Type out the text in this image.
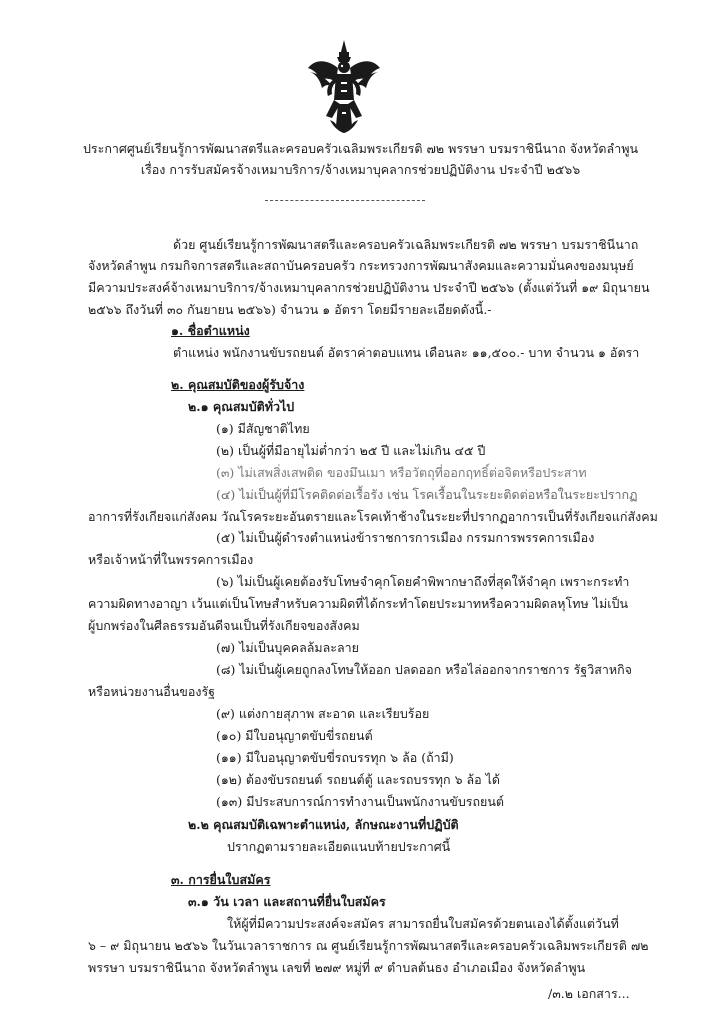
ประกาศศูนย์เรียนรู้การพัฒนาสตรีและครอบครัวเฉลิมพระเกียรติ ๗๒ พรรษา บรมราชินีนาถ จังหวัดลำพูน
เรื่อง การรับสมัครจ้างเหมาบริการ/จ้างเหมาบุคลากรช่วยปฏิบัติงาน ประจำปี ๒๕๖๖
ด้วย ศูนย์เรียนรู้การพัฒนาสตรีและครอบครัวเฉลิมพระเกียรติ ๗๒ พรรษา บรมราชินีนาถ
จังหวัดลำพูน กรมกิจการสตรีและสถาบันครอบครัว กระทรวงการพัฒนาสังคมและความมั่นคงของมนุษย์
มีความประสงค์จ้างเหมาบริการ/จ้างเหมาบุคลากรช่วยปฏิบัติงาน ประจำปี ๒๕๖๖ (ตั้งแต่วันที่ ๑๙ มิถุนายน
๒๕๖๖ ถึงวันที่ ๓๐ กันยายน ๒๕๖๖) จำนวน ๑ อัตรา โดยมีรายละเอียดดังนี้.-
๑. ชื่อตำแหน่ง
ตำแหน่ง พนักงานขับรถยนต์ อัตราค่าตอบแทน เดือนละ ๑๑,๕๐๐.- บาท จำนวน ๑ อัตรา
๒. คุณสมบัติของผู้รับจ้าง
๒.๑ คุณสมบัติทั่วไป
(๑) มีสัญชาติไทย
(๒) เป็นผู้ที่มีอายุไม่ต่ำกว่า ๒๕ ปี และไม่เกิน ๔๕ ปี
(๓) ไม่เสพสิ่งเสพติด ของมึนเมา หรือวัตถุที่ออกฤทธิ์ต่อจิตหรือประสาท
(๔) ไม่เป็นผู้ที่มีโรคติดต่อเรื้อรัง เช่น โรคเรื้อนในระยะติดต่อหรือในระยะปรากฏ
อาการที่รังเกียจแก่สังคม วัณโรคระยะอันตรายและโรคเท้าช้างในระยะที่ปรากฏอาการเป็นที่รังเกียจแก่สังคม
(๕) ไม่เป็นผู้ดำรงตำแหน่งข้าราชการการเมือง กรรมการพรรคการเมือง
หรือเจ้าหน้าที่ในพรรคการเมือง
(๖) ไม่เป็นผู้เคยต้องรับโทษจำคุกโดยคำพิพากษาถึงที่สุดให้จำคุก เพราะกระทำ
ความผิดทางอาญา เว้นแต่เป็นโทษสำหรับความผิดที่ได้กระทำโดยประมาทหรือความผิดลหุโทษ ไม่เป็น
ผู้บกพร่องในศีลธรรมอันดีจนเป็นที่รังเกียจของสังคม
(๗) ไม่เป็นบุคคลล้มละลาย
(๘) ไม่เป็นผู้เคยถูกลงโทษให้ออก ปลดออก หรือไล่ออกจากราชการ รัฐวิสาหกิจ
หรือหน่วยงานอื่นของรัฐ
(๙) แต่งกายสุภาพ สะอาด และเรียบร้อย
(๑๐) มีใบอนุญาตขับขี่รถยนต์
(๑๑) มีใบอนุญาตขับขี่รถบรรทุก ๖ ล้อ (ถ้ามี)
(๑๒) ต้องขับรถยนต์ รถยนต์ตู้ และรถบรรทุก ๖ ล้อ ได้
(๑๓) มีประสบการณ์การทำงานเป็นพนักงานขับรถยนต์
๒.๒ คุณสมบัติเฉพาะตำแหน่ง, ลักษณะงานที่ปฏิบัติ
ปรากฏตามรายละเอียดแนบท้ายประกาศนี้
๓. การยื่นใบสมัคร
๓.๑ วัน เวลา และสถานที่ยื่นใบสมัคร
ให้ผู้ที่มีความประสงค์จะสมัคร สามารถยื่นใบสมัครด้วยตนเองได้ตั้งแต่วันที่
๖ – ๙ มิถุนายน ๒๕๖๖ ในวันเวลาราชการ ณ ศูนย์เรียนรู้การพัฒนาสตรีและครอบครัวเฉลิมพระเกียรติ ๗๒
พรรษา บรมราชินีนาถ จังหวัดลำพูน เลขที่ ๒๗๙ หมู่ที่ ๙ ตำบลต้นธง อำเภอเมือง จังหวัดลำพูน
/๓.๒ เอกสาร...
